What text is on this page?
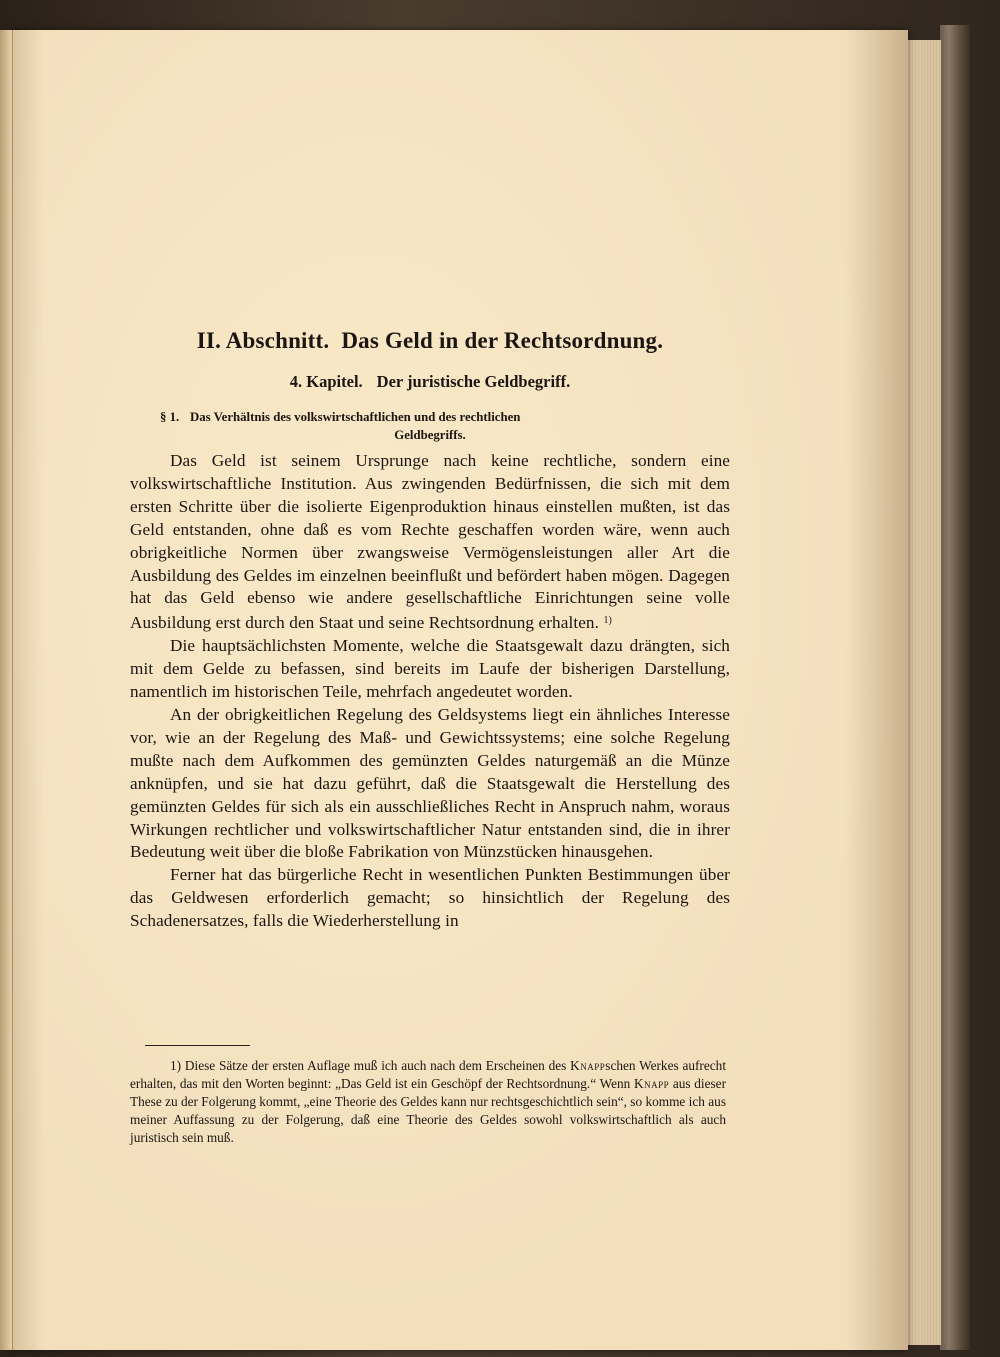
II. Abschnitt. Das Geld in der Rechtsordnung.
4. Kapitel. Der juristische Geldbegriff.
§ 1. Das Verhältnis des volkswirtschaftlichen und des rechtlichen
Geldbegriffs.

Das Geld ist seinem Ursprunge nach keine rechtliche, sondern eine volkswirtschaftliche Institution. Aus zwingenden Bedürfnissen, die sich mit dem ersten Schritte über die isolierte Eigenproduktion hinaus einstellen mußten, ist das Geld entstanden, ohne daß es vom Rechte geschaffen worden wäre, wenn auch obrigkeitliche Normen über zwangsweise Vermögensleistungen aller Art die Ausbildung des Geldes im einzelnen beeinflußt und befördert haben mögen. Dagegen hat das Geld ebenso wie andere gesellschaftliche Einrichtungen seine volle Ausbildung erst durch den Staat und seine Rechtsordnung erhalten. $^{1)}$

Die hauptsächlichsten Momente, welche die Staatsgewalt dazu drängten, sich mit dem Gelde zu befassen, sind bereits im Laufe der bisherigen Darstellung, namentlich im historischen Teile, mehrfach angedeutet worden.

An der obrigkeitlichen Regelung des Geldsystems liegt ein ähnliches Interesse vor, wie an der Regelung des Maß- und Gewichtssystems; eine solche Regelung mußte nach dem Aufkommen des gemünzten Geldes naturgemäß an die Münze anknüpfen, und sie hat dazu geführt, daß die Staatsgewalt die Herstellung des gemünzten Geldes für sich als ein ausschließliches Recht in Anspruch nahm, woraus Wirkungen rechtlicher und volkswirtschaftlicher Natur entstanden sind, die in ihrer Bedeutung weit über die bloße Fabrikation von Münzstücken hinausgehen.

Ferner hat das bürgerliche Recht in wesentlichen Punkten Bestimmungen über das Geldwesen erforderlich gemacht; so hinsichtlich der Regelung des Schadenersatzes, falls die Wiederherstellung in

1) Diese Sätze der ersten Auflage muß ich auch nach dem Erscheinen des Knappschen Werkes aufrecht erhalten, das mit den Worten beginnt: „Das Geld ist ein Geschöpf der Rechtsordnung.“ Wenn Knapp aus dieser These zu der Folgerung kommt, „eine Theorie des Geldes kann nur rechtsgeschichtlich sein“, so komme ich aus meiner Auffassung zu der Folgerung, daß eine Theorie des Geldes sowohl volkswirtschaftlich als auch juristisch sein muß.
